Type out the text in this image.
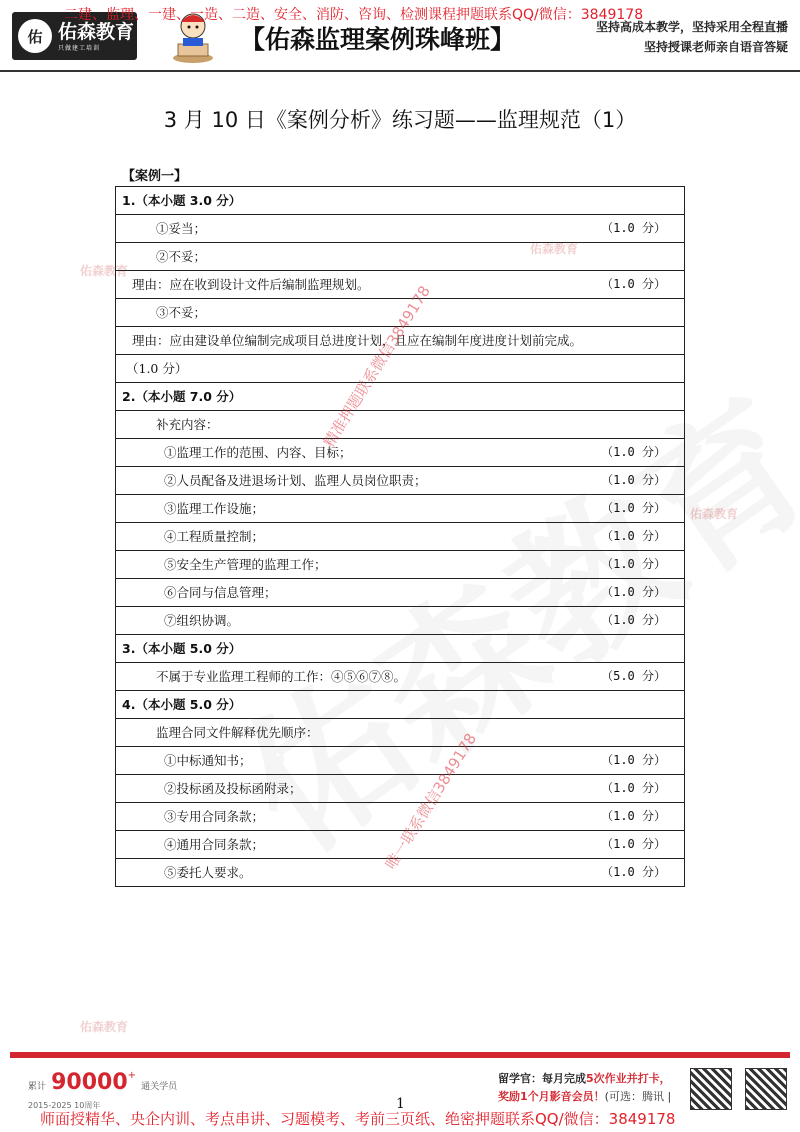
佑 佑森教育
只做建工培训	【佑森监理案例珠峰班】	坚持高成本教学，坚持采用全程直播
坚持授课老师亲自语音答疑
二建、监理、一建、一造、二造、安全、消防、咨询、检测课程押题联系QQ/微信：3849178
佑森教育
佑森教育
佑森教育
佑森教育
3 月 10 日《案例分析》练习题——监理规范（1）
【案例一】
1.（本小题 3.0 分）

①妥当；	（1.0 分）

②不妥；

理由：应在收到设计文件后编制监理规划。	（1.0 分）

③不妥；

理由：应由建设单位编制完成项目总进度计划，且应在编制年度进度计划前完成。

（1.0 分）

2.（本小题 7.0 分）

补充内容：

①监理工作的范围、内容、目标；	（1.0 分）

②人员配备及进退场计划、监理人员岗位职责；	（1.0 分）

③监理工作设施；	（1.0 分）

④工程质量控制；	（1.0 分）

⑤安全生产管理的监理工作；	（1.0 分）

⑥合同与信息管理；	（1.0 分）

⑦组织协调。	（1.0 分）

3.（本小题 5.0 分）

不属于专业监理工程师的工作：④⑤⑥⑦⑧。	（5.0 分）

4.（本小题 5.0 分）

监理合同文件解释优先顺序：

①中标通知书；	（1.0 分）

②投标函及投标函附录；	（1.0 分）

③专用合同条款；	（1.0 分）

④通用合同条款；	（1.0 分）

⑤委托人要求。	（1.0 分）
精准押题联系微信3849178
唯一联系微信3849178
累计 90000+ 通关学员
2015-2025 10周年	1
留学官：每月完成5次作业并打卡，
奖励1个月影音会员！(可选：腾讯 |
师面授精华、央企内训、考点串讲、习题模考、考前三页纸、绝密押题联系QQ/微信：3849178
